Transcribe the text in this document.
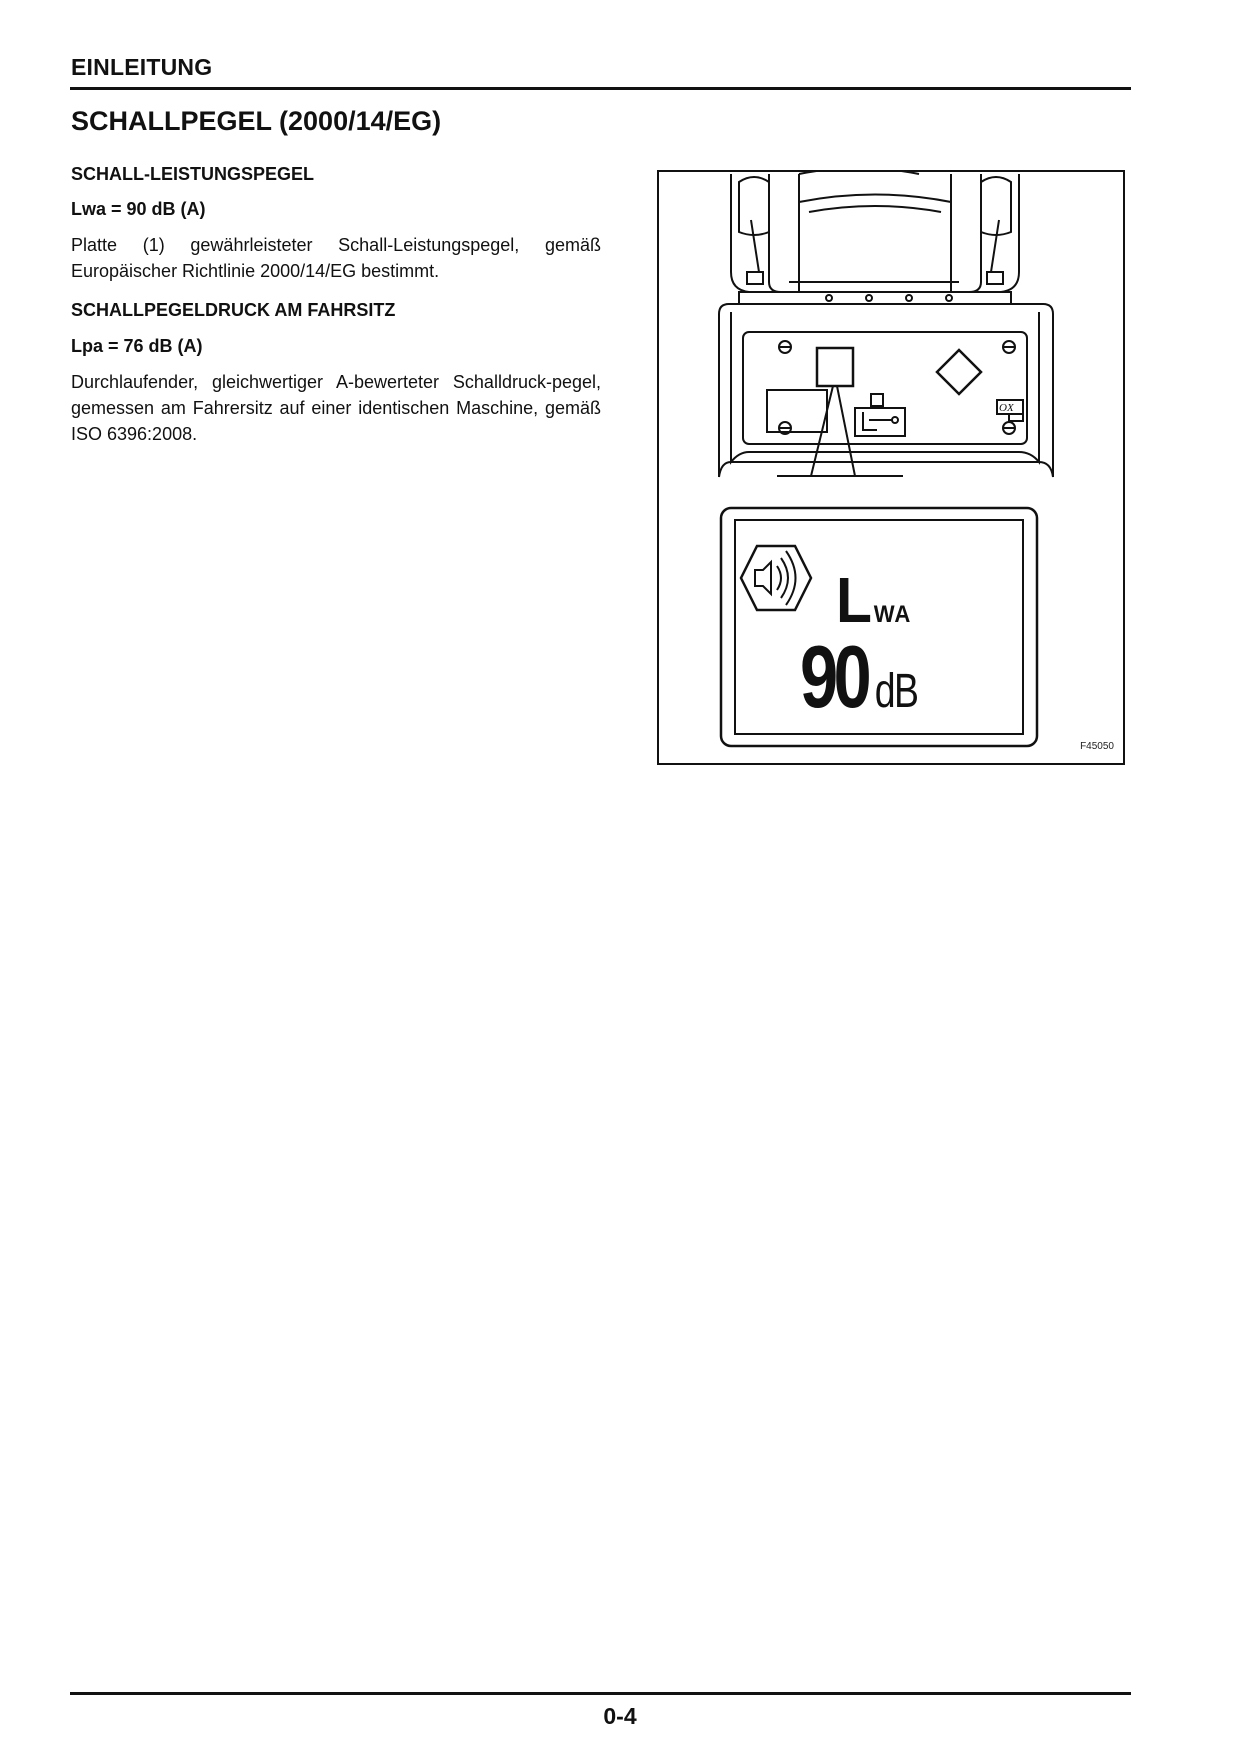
EINLEITUNG
SCHALLPEGEL (2000/14/EG)
SCHALL-LEISTUNGSPEGEL
Lwa = 90 dB (A)
Platte (1) gewährleisteter Schall-Leistungspegel, gemäß Europäischer Richtlinie 2000/14/EG bestimmt.
SCHALLPEGELDRUCK AM FAHRSITZ
Lpa = 76 dB (A)
Durchlaufender, gleichwertiger A-bewerteter Schalldruck-pegel, gemessen am Fahrersitz auf einer identischen Maschine, gemäß ISO 6396:2008.
OX
F45050
LWA
90 dB
0-4
